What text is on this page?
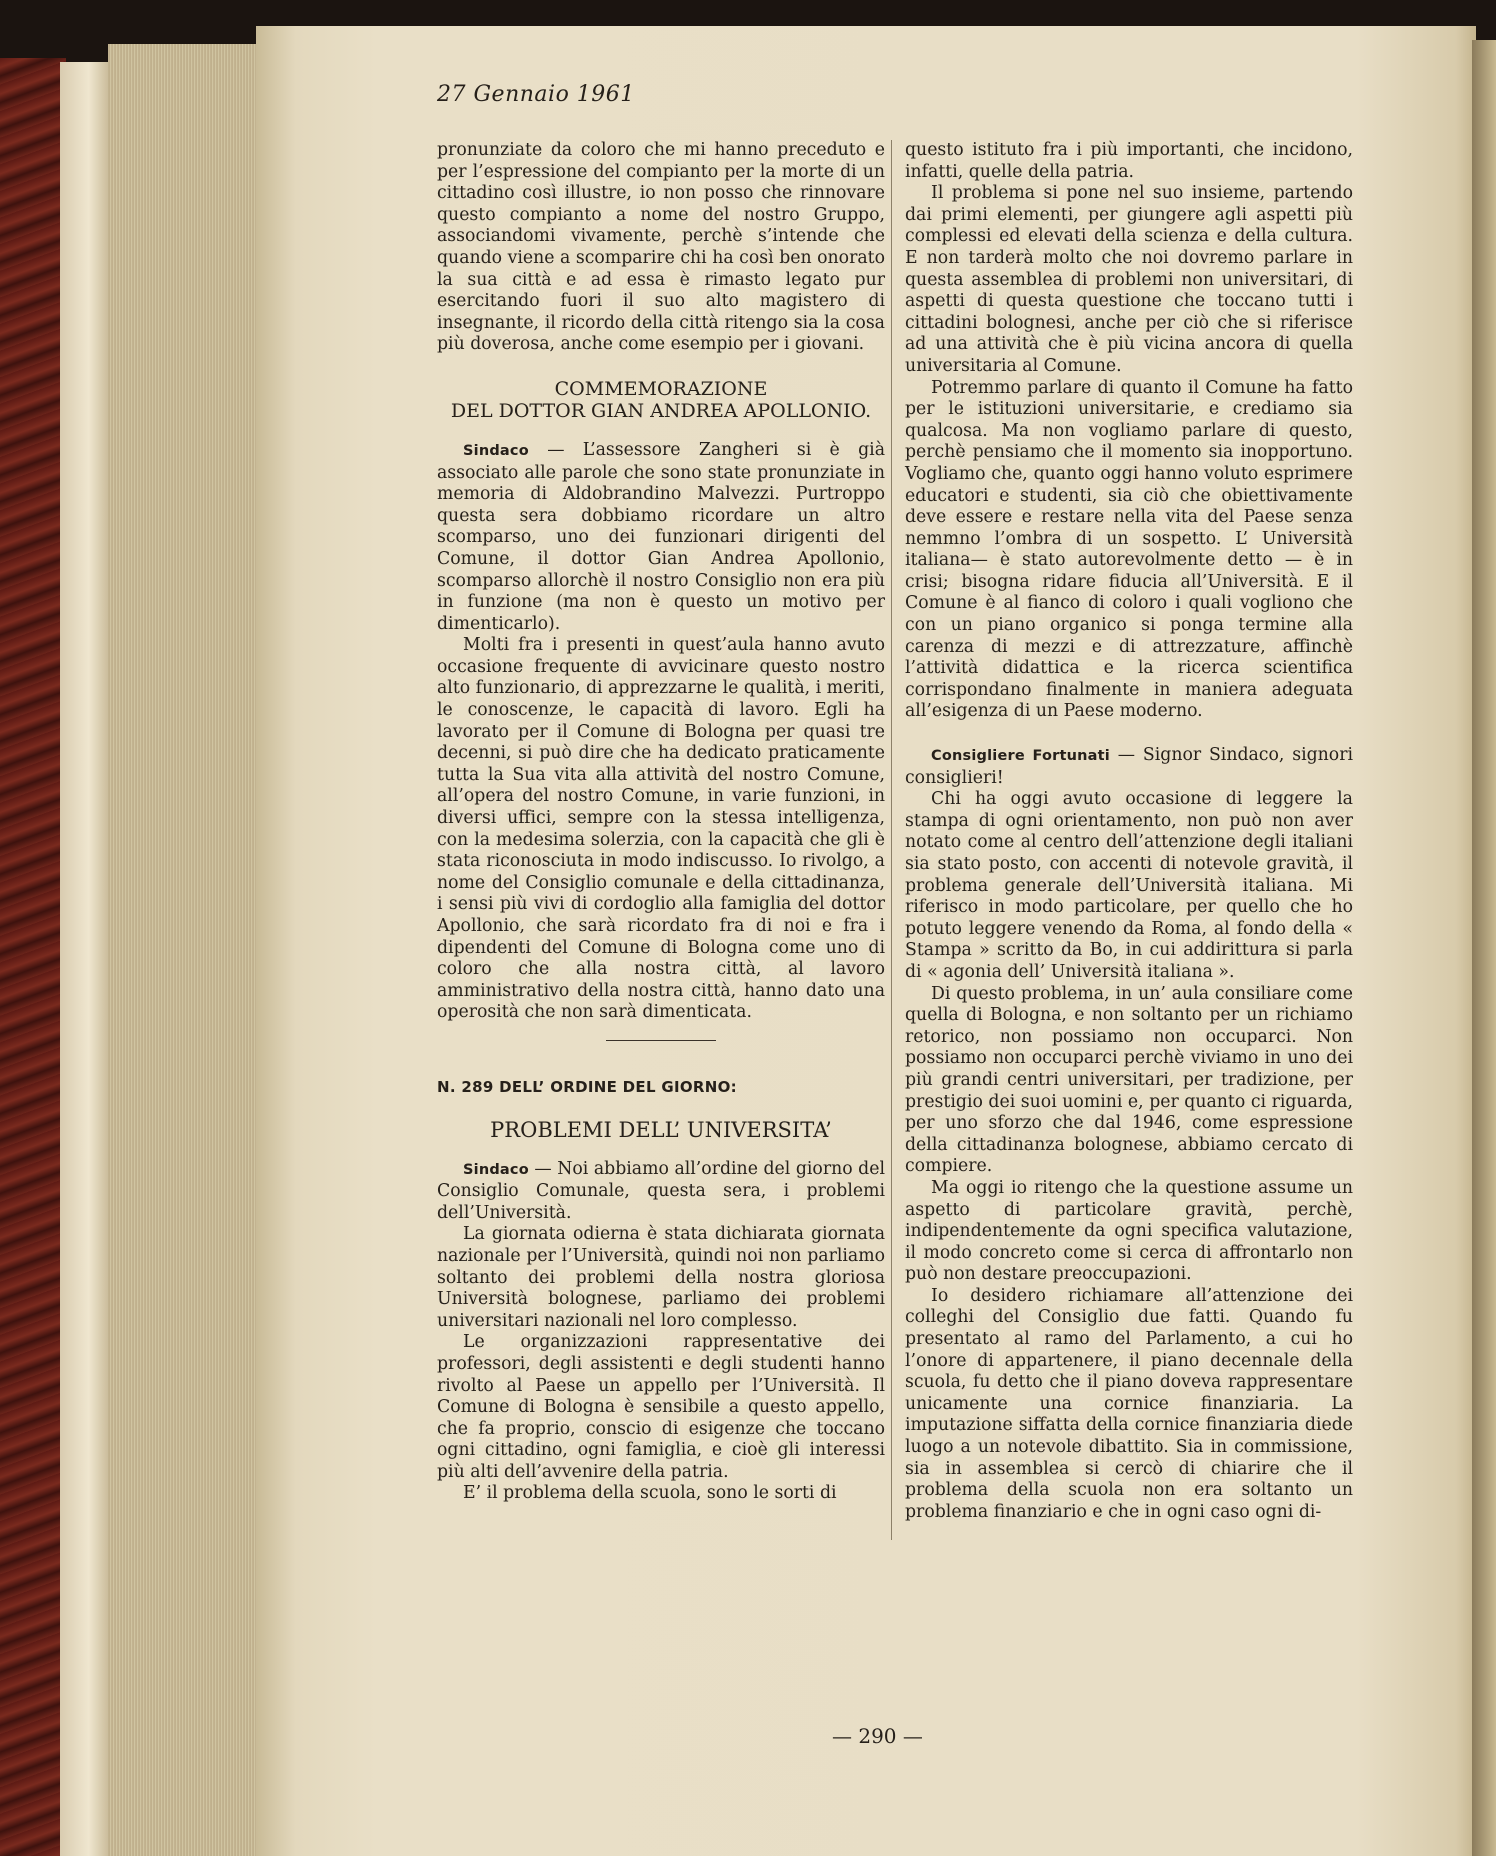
27 Gennaio 1961

pronunziate da coloro che mi hanno preceduto e per l’espressione del compianto per la morte di un cittadino così illustre, io non posso che rinnovare questo compianto a nome del nostro Gruppo, associandomi vivamente, perchè s’intende che quando viene a scomparire chi ha così ben onorato la sua città e ad essa è rimasto legato pur esercitando fuori il suo alto magistero di insegnante, il ricordo della città ritengo sia la cosa più doverosa, anche come esempio per i giovani.

COMMEMORAZIONE
DEL DOTTOR GIAN ANDREA APOLLONIO.

Sindaco — L’assessore Zangheri si è già associato alle parole che sono state pronunziate in memoria di Aldobrandino Malvezzi. Purtroppo questa sera dobbiamo ricordare un altro scomparso, uno dei funzionari dirigenti del Comune, il dottor Gian Andrea Apollonio, scomparso allorchè il nostro Consiglio non era più in funzione (ma non è questo un motivo per dimenticarlo).

Molti fra i presenti in quest’aula hanno avuto occasione frequente di avvicinare questo nostro alto funzionario, di apprezzarne le qualità, i meriti, le conoscenze, le capacità di lavoro. Egli ha lavorato per il Comune di Bologna per quasi tre decenni, si può dire che ha dedicato praticamente tutta la Sua vita alla attività del nostro Comune, all’opera del nostro Comune, in varie funzioni, in diversi uffici, sempre con la stessa intelligenza, con la medesima solerzia, con la capacità che gli è stata riconosciuta in modo indiscusso. Io rivolgo, a nome del Consiglio comunale e della cittadinanza, i sensi più vivi di cordoglio alla famiglia del dottor Apollonio, che sarà ricordato fra di noi e fra i dipendenti del Comune di Bologna come uno di coloro che alla nostra città, al lavoro amministrativo della nostra città, hanno dato una operosità che non sarà dimenticata.

N. 289 DELL’ ORDINE DEL GIORNO:
PROBLEMI DELL’ UNIVERSITA’

Sindaco — Noi abbiamo all’ordine del giorno del Consiglio Comunale, questa sera, i problemi dell’Università.

La giornata odierna è stata dichiarata giornata nazionale per l’Università, quindi noi non parliamo soltanto dei problemi della nostra gloriosa Università bolognese, parliamo dei problemi universitari nazionali nel loro complesso.

Le organizzazioni rappresentative dei professori, degli assistenti e degli studenti hanno rivolto al Paese un appello per l’Università. Il Comune di Bologna è sensibile a questo appello, che fa proprio, conscio di esigenze che toccano ogni cittadino, ogni famiglia, e cioè gli interessi più alti dell’avvenire della patria.

E’ il problema della scuola, sono le sorti di

questo istituto fra i più importanti, che incidono, infatti, quelle della patria.

Il problema si pone nel suo insieme, partendo dai primi elementi, per giungere agli aspetti più complessi ed elevati della scienza e della cultura. E non tarderà molto che noi dovremo parlare in questa assemblea di problemi non universitari, di aspetti di questa questione che toccano tutti i cittadini bolognesi, anche per ciò che si riferisce ad una attività che è più vicina ancora di quella universitaria al Comune.

Potremmo parlare di quanto il Comune ha fatto per le istituzioni universitarie, e crediamo sia qualcosa. Ma non vogliamo parlare di questo, perchè pensiamo che il momento sia inopportuno. Vogliamo che, quanto oggi hanno voluto esprimere educatori e studenti, sia ciò che obiettivamente deve essere e restare nella vita del Paese senza nemmno l’ombra di un sospetto. L’ Università italiana— è stato autorevolmente detto — è in crisi; bisogna ridare fiducia all’Università. E il Comune è al fianco di coloro i quali vogliono che con un piano organico si ponga termine alla carenza di mezzi e di attrezzature, affinchè l’attività didattica e la ricerca scientifica corrispondano finalmente in maniera adeguata all’esigenza di un Paese moderno.

Consigliere Fortunati — Signor Sindaco, signori consiglieri!

Chi ha oggi avuto occasione di leggere la stampa di ogni orientamento, non può non aver notato come al centro dell’attenzione degli italiani sia stato posto, con accenti di notevole gravità, il problema generale dell’Università italiana. Mi riferisco in modo particolare, per quello che ho potuto leggere venendo da Roma, al fondo della « Stampa » scritto da Bo, in cui addirittura si parla di « agonia dell’ Università italiana ».

Di questo problema, in un’ aula consiliare come quella di Bologna, e non soltanto per un richiamo retorico, non possiamo non occuparci. Non possiamo non occuparci perchè viviamo in uno dei più grandi centri universitari, per tradizione, per prestigio dei suoi uomini e, per quanto ci riguarda, per uno sforzo che dal 1946, come espressione della cittadinanza bolognese, abbiamo cercato di compiere.

Ma oggi io ritengo che la questione assume un aspetto di particolare gravità, perchè, indipendentemente da ogni specifica valutazione, il modo concreto come si cerca di affrontarlo non può non destare preoccupazioni.

Io desidero richiamare all’attenzione dei colleghi del Consiglio due fatti. Quando fu presentato al ramo del Parlamento, a cui ho l’onore di appartenere, il piano decennale della scuola, fu detto che il piano doveva rappresentare unicamente una cornice finanziaria. La imputazione siffatta della cornice finanziaria diede luogo a un notevole dibattito. Sia in commissione, sia in assemblea si cercò di chiarire che il problema della scuola non era soltanto un problema finanziario e che in ogni caso ogni di-

— 290 —
